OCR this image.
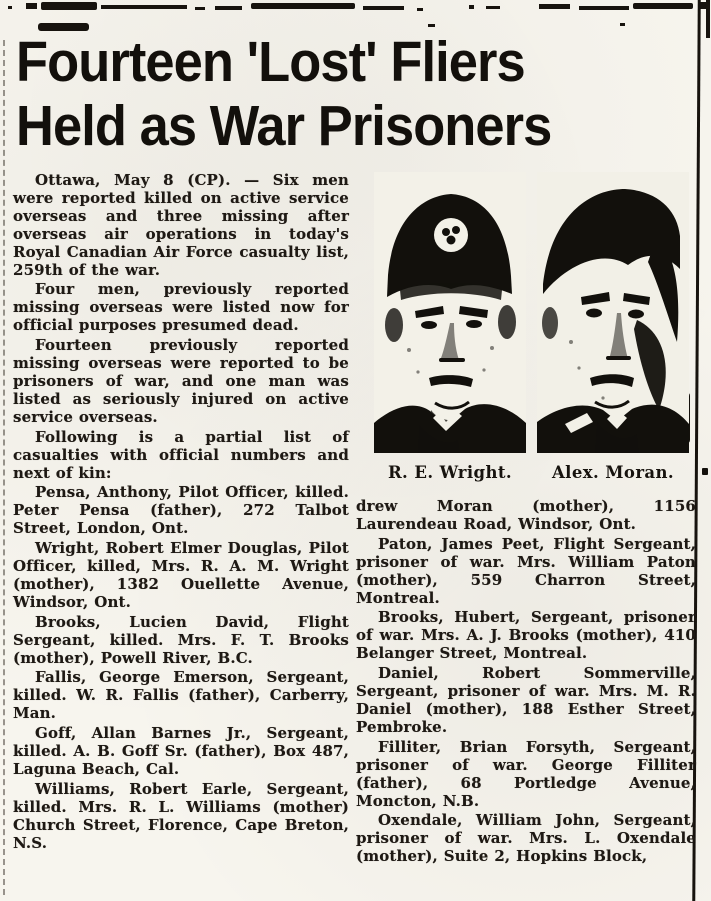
Fourteen 'Lost' Fliers
Held as War Prisoners

Ottawa, May 8 (CP). — Six men were reported killed on active service overseas and three missing after overseas air operations in today's Royal Canadian Air Force casualty list, 259th of the war.

Four men, previously reported missing overseas were listed now for official purposes presumed dead.

Fourteen previously reported missing overseas were reported to be prisoners of war, and one man was listed as seriously injured on active service overseas.

Following is a partial list of casualties with official numbers and next of kin:

Pensa, Anthony, Pilot Officer, killed. Peter Pensa (father), 272 Talbot Street, London, Ont.

Wright, Robert Elmer Douglas, Pilot Officer, killed, Mrs. R. A. M. Wright (mother), 1382 Ouellette Avenue, Windsor, Ont.

Brooks, Lucien David, Flight Sergeant, killed. Mrs. F. T. Brooks (mother), Powell River, B.C.

Fallis, George Emerson, Sergeant, killed. W. R. Fallis (father), Carberry, Man.

Goff, Allan Barnes Jr., Sergeant, killed. A. B. Goff Sr. (father), Box 487, Laguna Beach, Cal.

Williams, Robert Earle, Sergeant, killed. Mrs. R. L. Williams (mother) Church Street, Florence, Cape Breton, N.S.

R. E. Wright.	Alex. Moran.

drew Moran (mother), 1156 Laurendeau Road, Windsor, Ont.

Paton, James Peet, Flight Sergeant, prisoner of war. Mrs. William Paton (mother), 559 Charron Street, Montreal.

Brooks, Hubert, Sergeant, prisoner of war. Mrs. A. J. Brooks (mother), 410 Belanger Street, Montreal.

Daniel, Robert Sommerville, Sergeant, prisoner of war. Mrs. M. R. Daniel (mother), 188 Esther Street, Pembroke.

Filliter, Brian Forsyth, Sergeant, prisoner of war. George Filliter (father), 68 Portledge Avenue, Moncton, N.B.

Oxendale, William John, Sergeant, prisoner of war. Mrs. L. Oxendale (mother), Suite 2, Hopkins Block,
